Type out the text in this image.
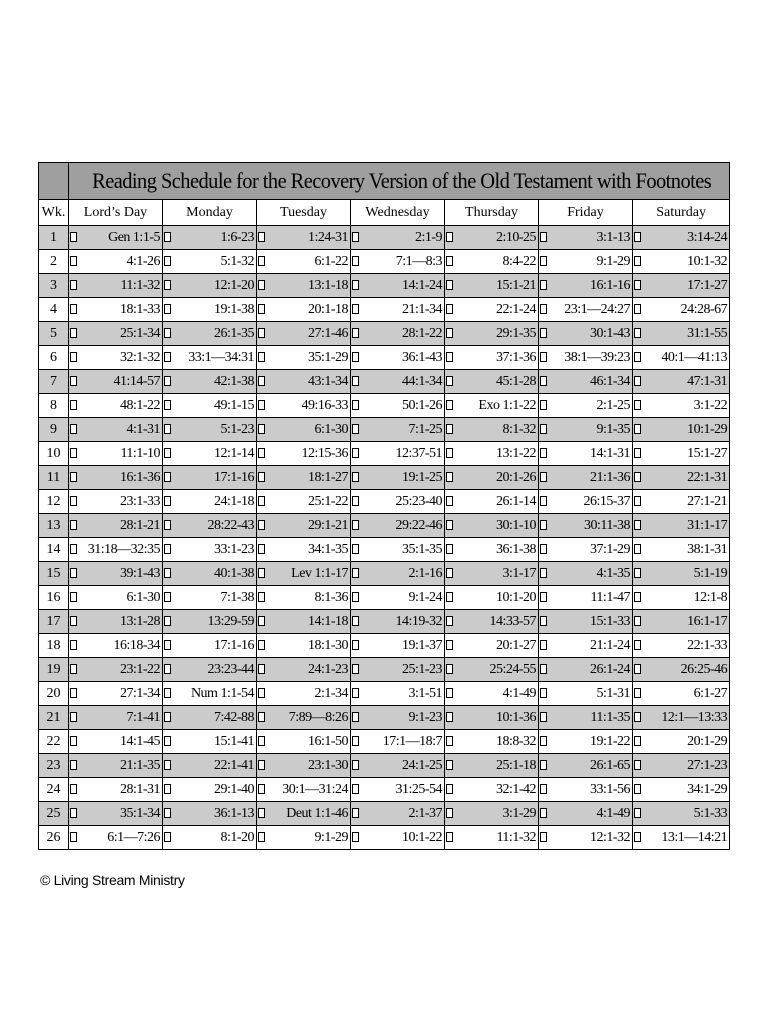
	Reading Schedule for the Recovery Version of the Old Testament with Footnotes													

Wk.	Lord’s Day		Monday		Tuesday		Wednesday		Thursday		Friday		Saturday	
1		Gen 1:1-5		1:6-23		1:24-31		2:1-9		2:10-25		3:1-13		3:14-24
2		4:1-26		5:1-32		6:1-22		7:1—8:3		8:4-22		9:1-29		10:1-32
3		11:1-32		12:1-20		13:1-18		14:1-24		15:1-21		16:1-16		17:1-27
4		18:1-33		19:1-38		20:1-18		21:1-34		22:1-24		23:1—24:27		24:28-67
5		25:1-34		26:1-35		27:1-46		28:1-22		29:1-35		30:1-43		31:1-55
6		32:1-32		33:1—34:31		35:1-29		36:1-43		37:1-36		38:1—39:23		40:1—41:13
7		41:14-57		42:1-38		43:1-34		44:1-34		45:1-28		46:1-34		47:1-31
8		48:1-22		49:1-15		49:16-33		50:1-26		Exo 1:1-22		2:1-25		3:1-22
9		4:1-31		5:1-23		6:1-30		7:1-25		8:1-32		9:1-35		10:1-29
10		11:1-10		12:1-14		12:15-36		12:37-51		13:1-22		14:1-31		15:1-27
11		16:1-36		17:1-16		18:1-27		19:1-25		20:1-26		21:1-36		22:1-31
12		23:1-33		24:1-18		25:1-22		25:23-40		26:1-14		26:15-37		27:1-21
13		28:1-21		28:22-43		29:1-21		29:22-46		30:1-10		30:11-38		31:1-17
14		31:18—32:35		33:1-23		34:1-35		35:1-35		36:1-38		37:1-29		38:1-31
15		39:1-43		40:1-38		Lev 1:1-17		2:1-16		3:1-17		4:1-35		5:1-19
16		6:1-30		7:1-38		8:1-36		9:1-24		10:1-20		11:1-47		12:1-8
17		13:1-28		13:29-59		14:1-18		14:19-32		14:33-57		15:1-33		16:1-17
18		16:18-34		17:1-16		18:1-30		19:1-37		20:1-27		21:1-24		22:1-33
19		23:1-22		23:23-44		24:1-23		25:1-23		25:24-55		26:1-24		26:25-46
20		27:1-34		Num 1:1-54		2:1-34		3:1-51		4:1-49		5:1-31		6:1-27
21		7:1-41		7:42-88		7:89—8:26		9:1-23		10:1-36		11:1-35		12:1—13:33
22		14:1-45		15:1-41		16:1-50		17:1—18:7		18:8-32		19:1-22		20:1-29
23		21:1-35		22:1-41		23:1-30		24:1-25		25:1-18		26:1-65		27:1-23
24		28:1-31		29:1-40		30:1—31:24		31:25-54		32:1-42		33:1-56		34:1-29
25		35:1-34		36:1-13		Deut 1:1-46		2:1-37		3:1-29		4:1-49		5:1-33
26		6:1—7:26		8:1-20		9:1-29		10:1-22		11:1-32		12:1-32		13:1—14:21
© Living Stream Ministry
